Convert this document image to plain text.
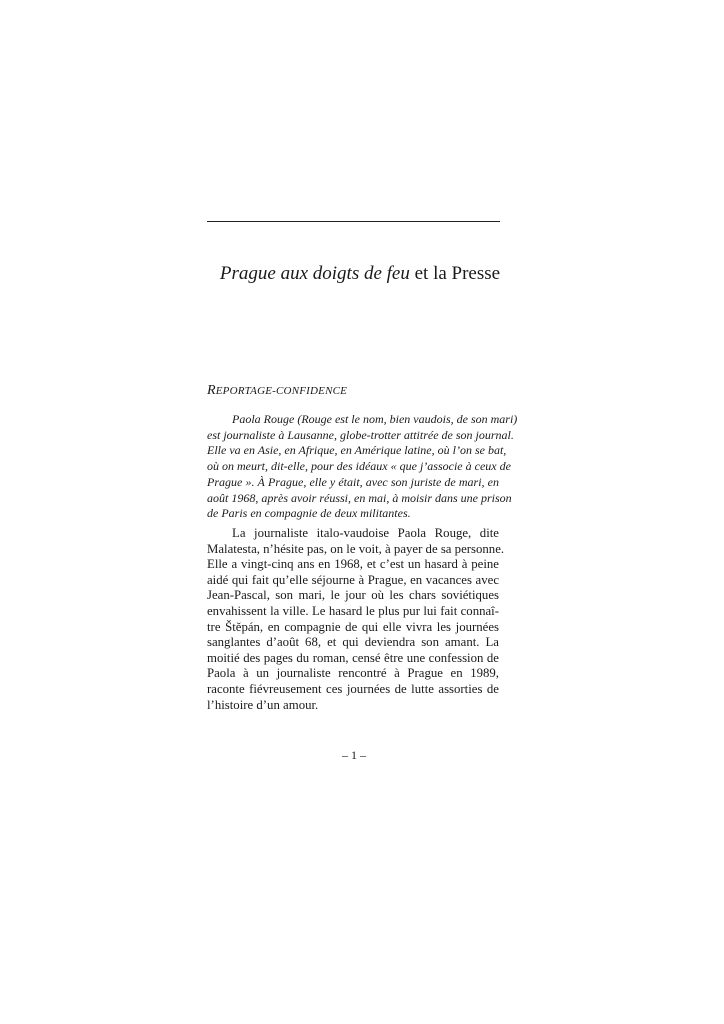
Prague aux doigts de feu et la Presse
REPORTAGE-CONFIDENCE
Paola Rouge (Rouge est le nom, bien vaudois, de son mari)
est journaliste à Lausanne, globe-trotter attitrée de son journal.
Elle va en Asie, en Afrique, en Amérique latine, où l’on se bat,
où on meurt, dit-elle, pour des idéaux « que j’associe à ceux de
Prague ». À Prague, elle y était, avec son juriste de mari, en
août 1968, après avoir réussi, en mai, à moisir dans une prison
de Paris en compagnie de deux militantes.
La journaliste italo-vaudoise Paola Rouge, dite
Malatesta, n’hésite pas, on le voit, à payer de sa personne.
Elle a vingt-cinq ans en 1968, et c’est un hasard à peine
aidé qui fait qu’elle séjourne à Prague, en vacances avec
Jean-Pascal, son mari, le jour où les chars soviétiques
envahissent la ville. Le hasard le plus pur lui fait connaî-
tre Štěpán, en compagnie de qui elle vivra les journées
sanglantes d’août 68, et qui deviendra son amant. La
moitié des pages du roman, censé être une confession de
Paola à un journaliste rencontré à Prague en 1989,
raconte fiévreusement ces journées de lutte assorties de
l’histoire d’un amour.
– 1 –
